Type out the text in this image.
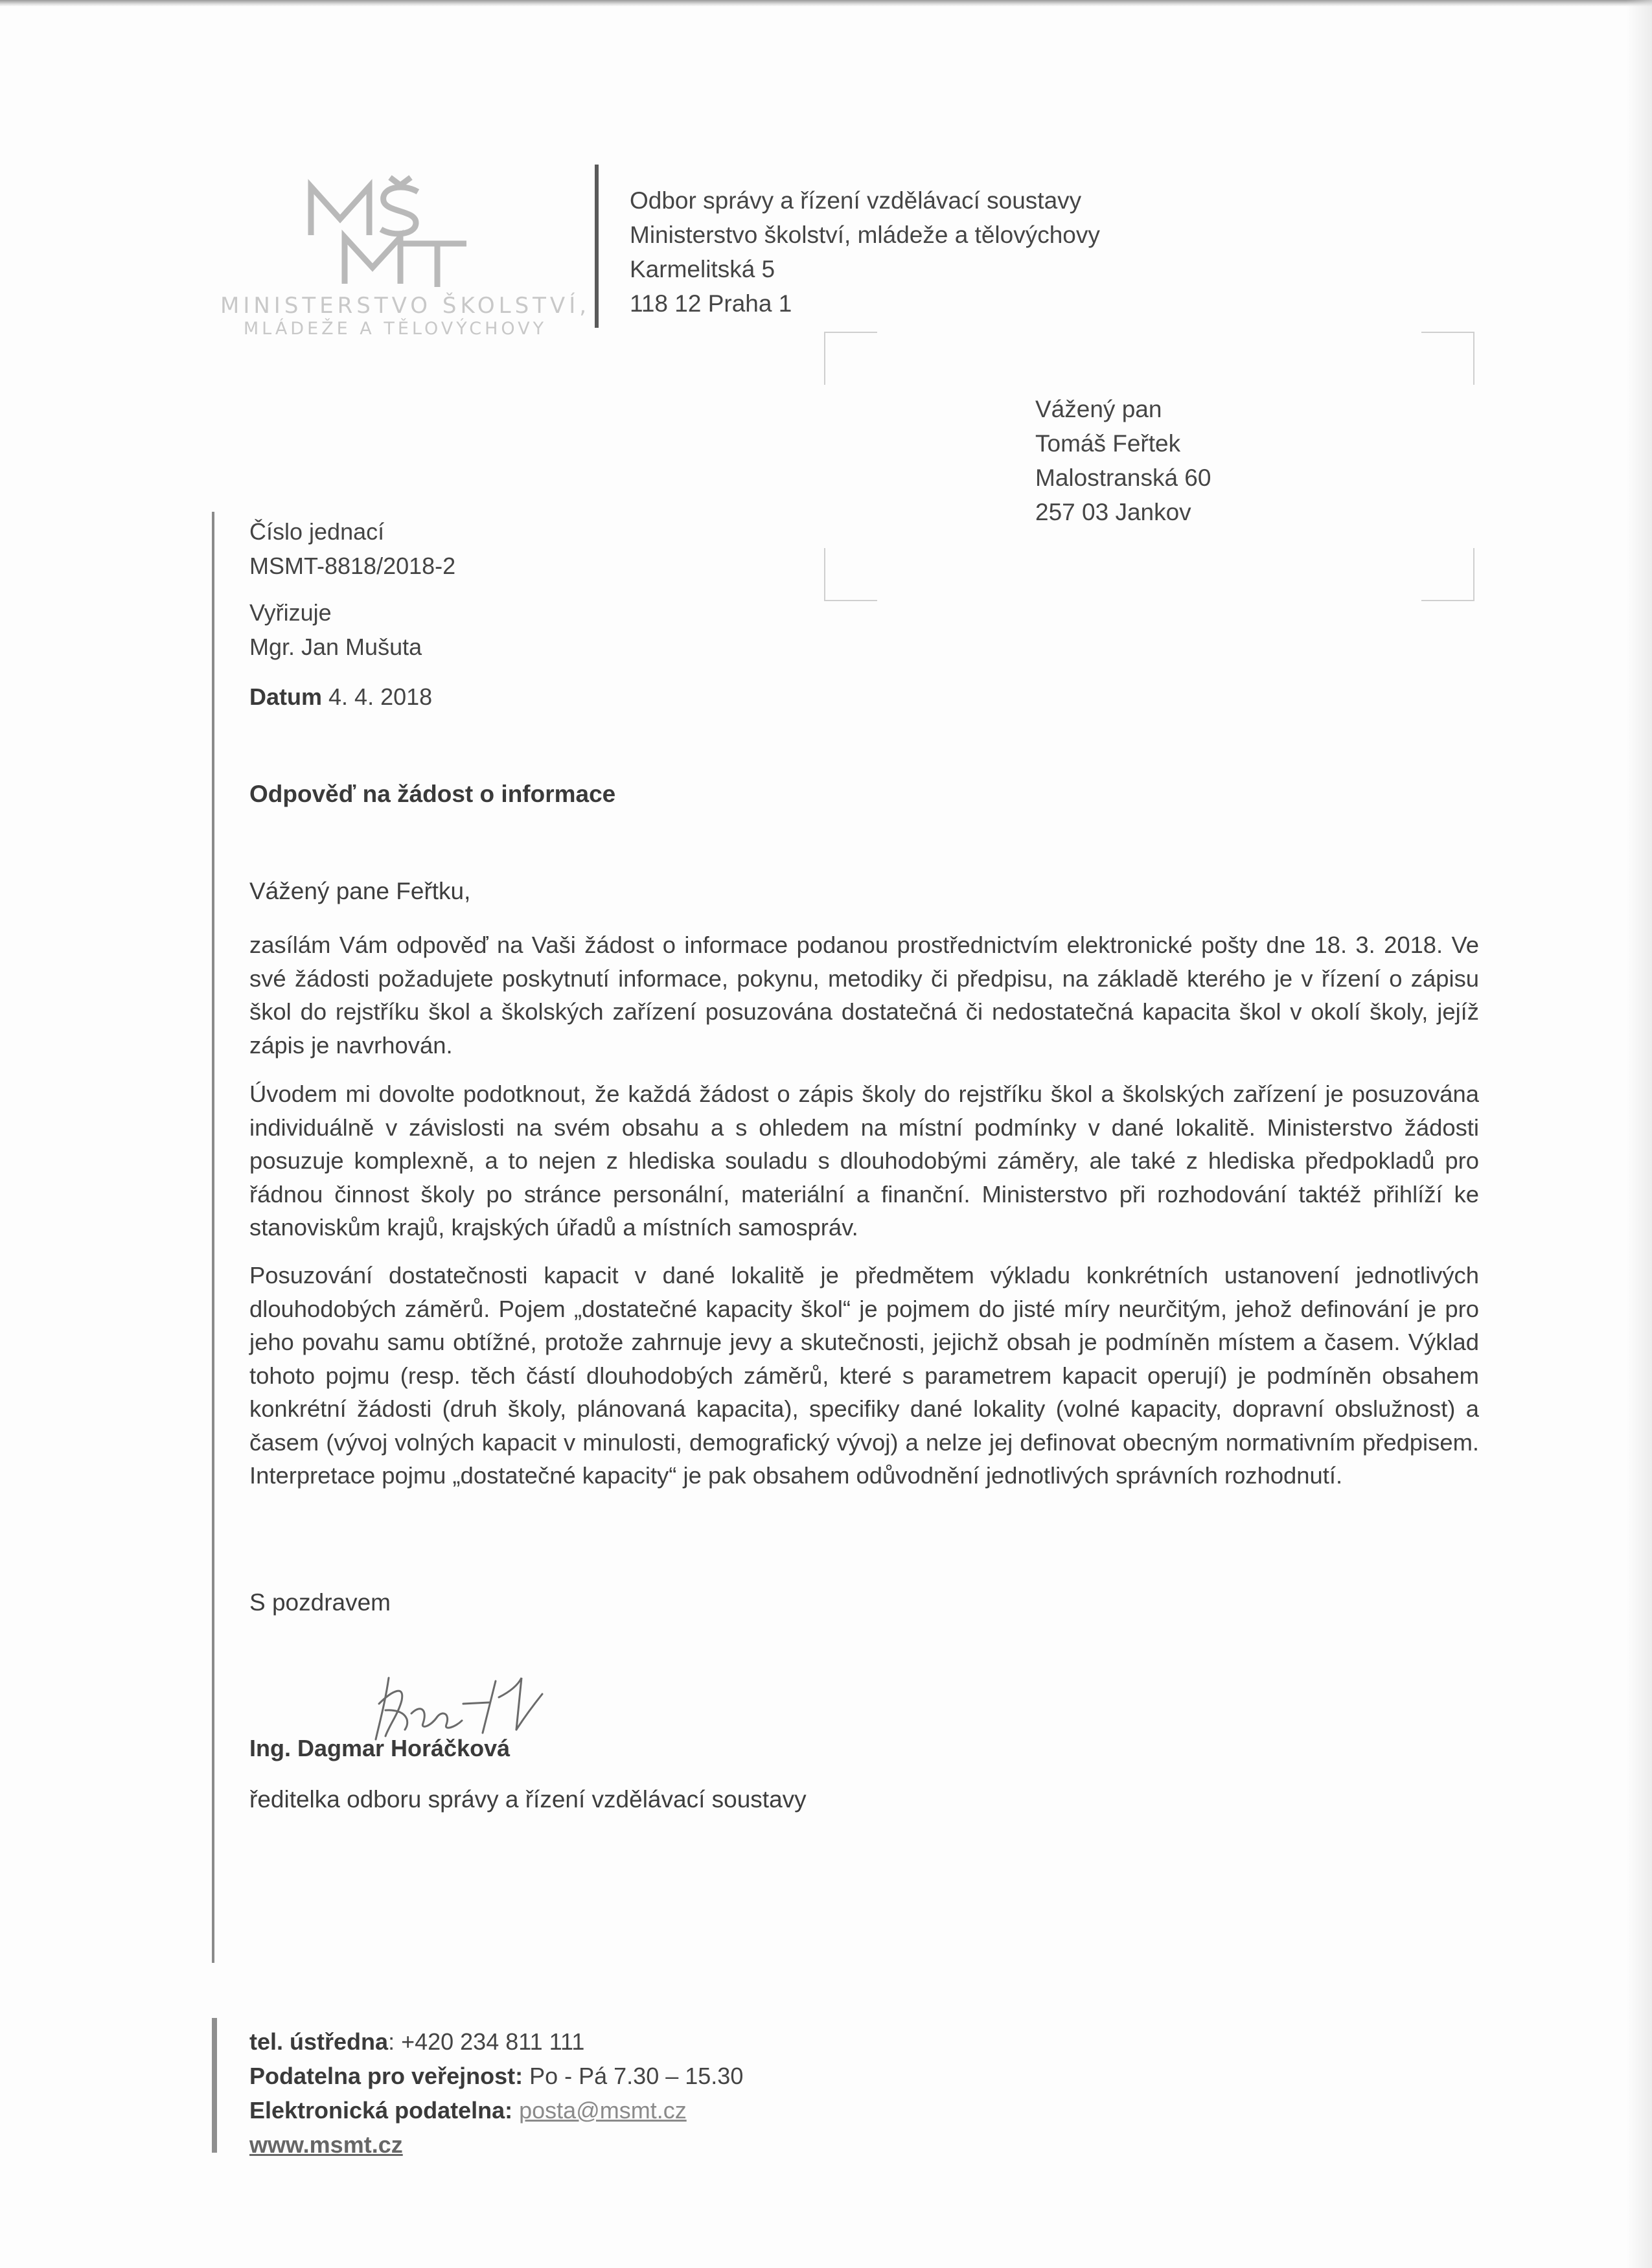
MINISTERSTVO ŠKOLSTVÍ,
MLÁDEŽE A TĚLOVÝCHOVY
Odbor správy a řízení vzdělávací soustavy
Ministerstvo školství, mládeže a tělovýchovy
Karmelitská 5
118 12 Praha 1
Vážený pan
Tomáš Feřtek
Malostranská 60
257 03 Jankov
Číslo jednací
MSMT-8818/2018-2
Vyřizuje
Mgr. Jan Mušuta
Datum 4. 4. 2018
Odpověď na žádost o informace
Vážený pane Feřtku,
zasílám Vám odpověď na Vaši žádost o informace podanou prostřednictvím elektronické pošty dne 18. 3. 2018. Ve své žádosti požadujete poskytnutí informace, pokynu, metodiky či předpisu, na základě kterého je v řízení o zápisu škol do rejstříku škol a školských zařízení posuzována dostatečná či nedostatečná kapacita škol v okolí školy, jejíž zápis je navrhován.
Úvodem mi dovolte podotknout, že každá žádost o zápis školy do rejstříku škol a školských zařízení je posuzována individuálně v závislosti na svém obsahu a s ohledem na místní podmínky v dané lokalitě. Ministerstvo žádosti posuzuje komplexně, a to nejen z hlediska souladu s dlouhodobými záměry, ale také z hlediska předpokladů pro řádnou činnost školy po stránce personální, materiální a finanční. Ministerstvo při rozhodování taktéž přihlíží ke stanoviskům krajů, krajských úřadů a místních samospráv.
Posuzování dostatečnosti kapacit v dané lokalitě je předmětem výkladu konkrétních ustanovení jednotlivých dlouhodobých záměrů. Pojem „dostatečné kapacity škol“ je pojmem do jisté míry neurčitým, jehož definování je pro jeho povahu samu obtížné, protože zahrnuje jevy a skutečnosti, jejichž obsah je podmíněn místem a časem. Výklad tohoto pojmu (resp. těch částí dlouhodobých záměrů, které s parametrem kapacit operují) je podmíněn obsahem konkrétní žádosti (druh školy, plánovaná kapacita), specifiky dané lokality (volné kapacity, dopravní obslužnost) a časem (vývoj volných kapacit v minulosti, demografický vývoj) a nelze jej definovat obecným normativním předpisem. Interpretace pojmu „dostatečné kapacity“ je pak obsahem odůvodnění jednotlivých správních rozhodnutí.
S pozdravem
Ing. Dagmar Horáčková
ředitelka odboru správy a řízení vzdělávací soustavy
tel. ústředna: +420 234 811 111
Podatelna pro veřejnost: Po - Pá 7.30 – 15.30
Elektronická podatelna: posta@msmt.cz
www.msmt.cz
